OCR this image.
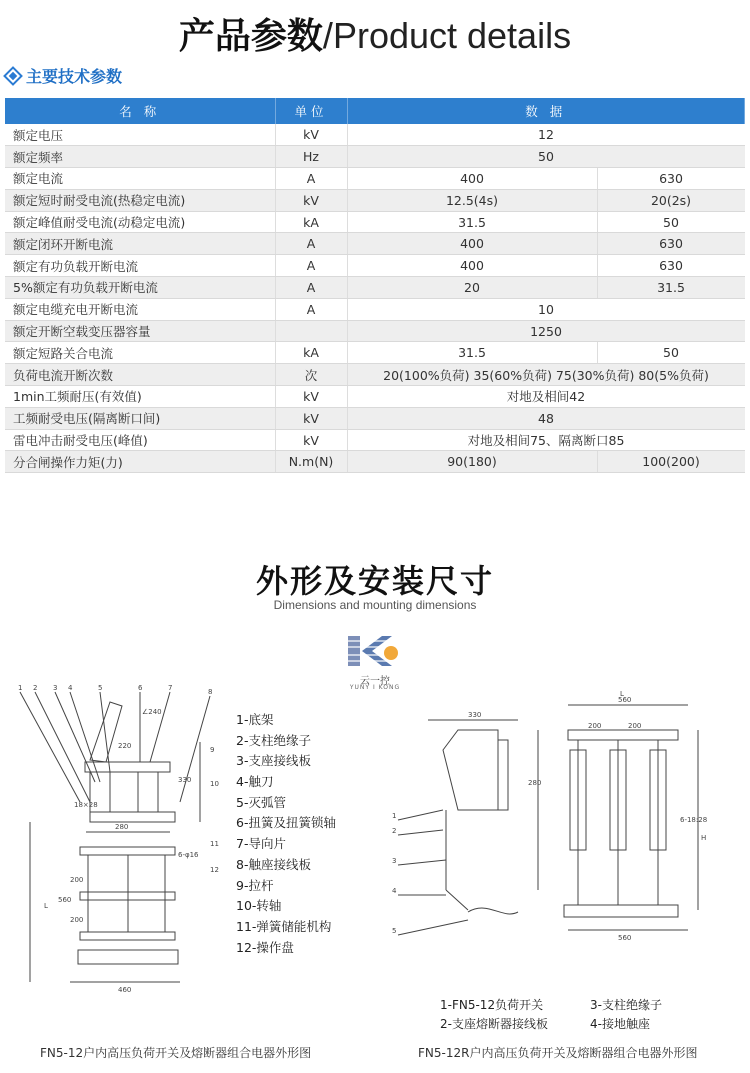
产品参数/Product details
主要技术参数
名 称	单位	数 据	
额定电压	kV	12	
额定频率	Hz	50	
额定电流	A	400	630
额定短时耐受电流(热稳定电流)	kV	12.5(4s)	20(2s)
额定峰值耐受电流(动稳定电流)	kA	31.5	50
额定闭环开断电流	A	400	630
额定有功负载开断电流	A	400	630
5%额定有功负载开断电流	A	20	31.5
额定电缆充电开断电流	A	10	
额定开断空载变压器容量		1250	
额定短路关合电流	kA	31.5	50
负荷电流开断次数	次	20(100%负荷) 35(60%负荷) 75(30%负荷) 80(5%负荷)	
1min工频耐压(有效值)	kV	对地及相间42	
工频耐受电压(隔离断口间)	kV	48	
雷电冲击耐受电压(峰值)	kV	对地及相间75、隔离断口85	
分合闸操作力矩(力)	N.m(N)	90(180)	100(200)
外形及安装尺寸
Dimensions and mounting dimensions
云一控
YUNY I KONG
220
330
280
200
560
200
460
L
18×28
6-φ16
∠240
1 2 3 4	5	6	7	8
9
10
11
12
1-底架
2-支柱绝缘子
3-支座接线板
4-触刀
5-灭弧管
6-扭簧及扭簧锁轴
7-导向片
8-触座接线板
9-拉杆
10-转轴
11-弹簧储能机构
12-操作盘
330
560
200	200
280
560
L
H
6-18:28
1
2
3
4
5
1-FN5-12负荷开关	3-支柱绝缘子
2-支座熔断器接线板	4-接地触座
FN5-12户内高压负荷开关及熔断器组合电器外形图	FN5-12R户内高压负荷开关及熔断器组合电器外形图
